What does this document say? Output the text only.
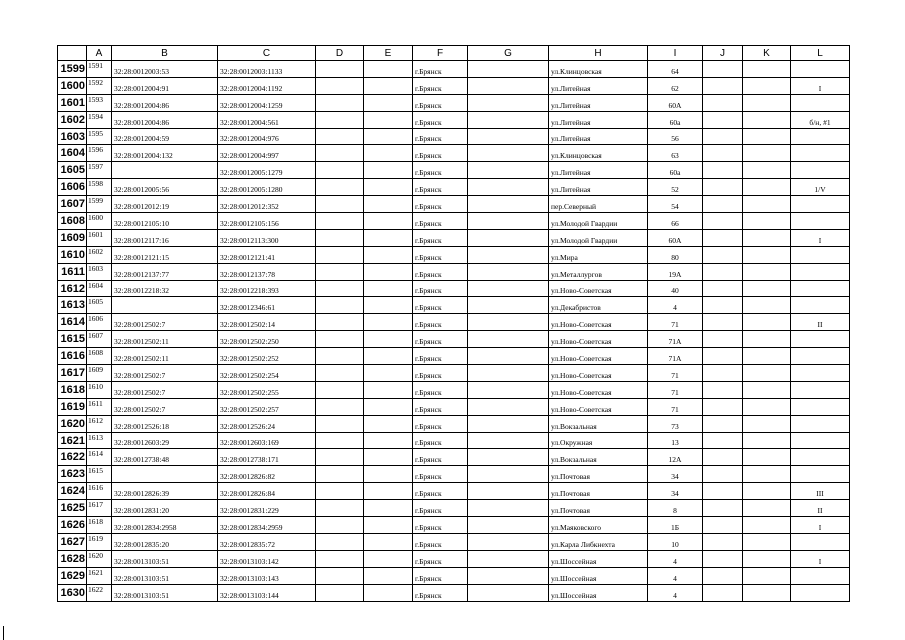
	A	B	C	D	E	F	G	H	I	J	K	L
1599	1591	32:28:0012003:53	32:28:0012003:1133			г.Брянск		ул.Клинцовская	64			
1600	1592	32:28:0012004:91	32:28:0012004:1192			г.Брянск		ул.Литейная	62			I
1601	1593	32:28:0012004:86	32:28:0012004:1259			г.Брянск		ул.Литейная	60А			
1602	1594	32:28:0012004:86	32:28:0012004:561			г.Брянск		ул.Литейная	60а			б/н, #1
1603	1595	32:28:0012004:59	32:28:0012004:976			г.Брянск		ул.Литейная	56			
1604	1596	32:28:0012004:132	32:28:0012004:997			г.Брянск		ул.Клинцовская	63			
1605	1597		32:28:0012005:1279			г.Брянск		ул.Литейная	60а			
1606	1598	32:28:0012005:56	32:28:0012005:1280			г.Брянск		ул.Литейная	52			1/V
1607	1599	32:28:0012012:19	32:28:0012012:352			г.Брянск		пер.Северный	54			
1608	1600	32:28:0012105:10	32:28:0012105:156			г.Брянск		ул.Молодой Гвардии	66			
1609	1601	32:28:0012117:16	32:28:0012113:300			г.Брянск		ул.Молодой Гвардии	60А			I
1610	1602	32:28:0012121:15	32:28:0012121:41			г.Брянск		ул.Мира	80			
1611	1603	32:28:0012137:77	32:28:0012137:78			г.Брянск		ул.Металлургов	19А			
1612	1604	32:28:0012218:32	32:28:0012218:393			г.Брянск		ул.Ново-Советская	40			
1613	1605		32:28:0012346:61			г.Брянск		ул.Декабристов	4			
1614	1606	32:28:0012502:7	32:28:0012502:14			г.Брянск		ул.Ново-Советская	71			II
1615	1607	32:28:0012502:11	32:28:0012502:250			г.Брянск		ул.Ново-Советская	71А			
1616	1608	32:28:0012502:11	32:28:0012502:252			г.Брянск		ул.Ново-Советская	71А			
1617	1609	32:28:0012502:7	32:28:0012502:254			г.Брянск		ул.Ново-Советская	71			
1618	1610	32:28:0012502:7	32:28:0012502:255			г.Брянск		ул.Ново-Советская	71			
1619	1611	32:28:0012502:7	32:28:0012502:257			г.Брянск		ул.Ново-Советская	71			
1620	1612	32:28:0012526:18	32:28:0012526:24			г.Брянск		ул.Вокзальная	73			
1621	1613	32:28:0012603:29	32:28:0012603:169			г.Брянск		ул.Окружная	13			
1622	1614	32:28:0012738:48	32:28:0012738:171			г.Брянск		ул.Вокзальная	12А			
1623	1615		32:28:0012826:82			г.Брянск		ул.Почтовая	34			
1624	1616	32:28:0012826:39	32:28:0012826:84			г.Брянск		ул.Почтовая	34			III
1625	1617	32:28:0012831:20	32:28:0012831:229			г.Брянск		ул.Почтовая	8			II
1626	1618	32:28:0012834:2958	32:28:0012834:2959			г.Брянск		ул.Маяковского	1Б			I
1627	1619	32:28:0012835:20	32:28:0012835:72			г.Брянск		ул.Карла Либкнехта	10			
1628	1620	32:28:0013103:51	32:28:0013103:142			г.Брянск		ул.Шоссейная	4			I
1629	1621	32:28:0013103:51	32:28:0013103:143			г.Брянск		ул.Шоссейная	4			
1630	1622	32:28:0013103:51	32:28:0013103:144			г.Брянск		ул.Шоссейная	4			
